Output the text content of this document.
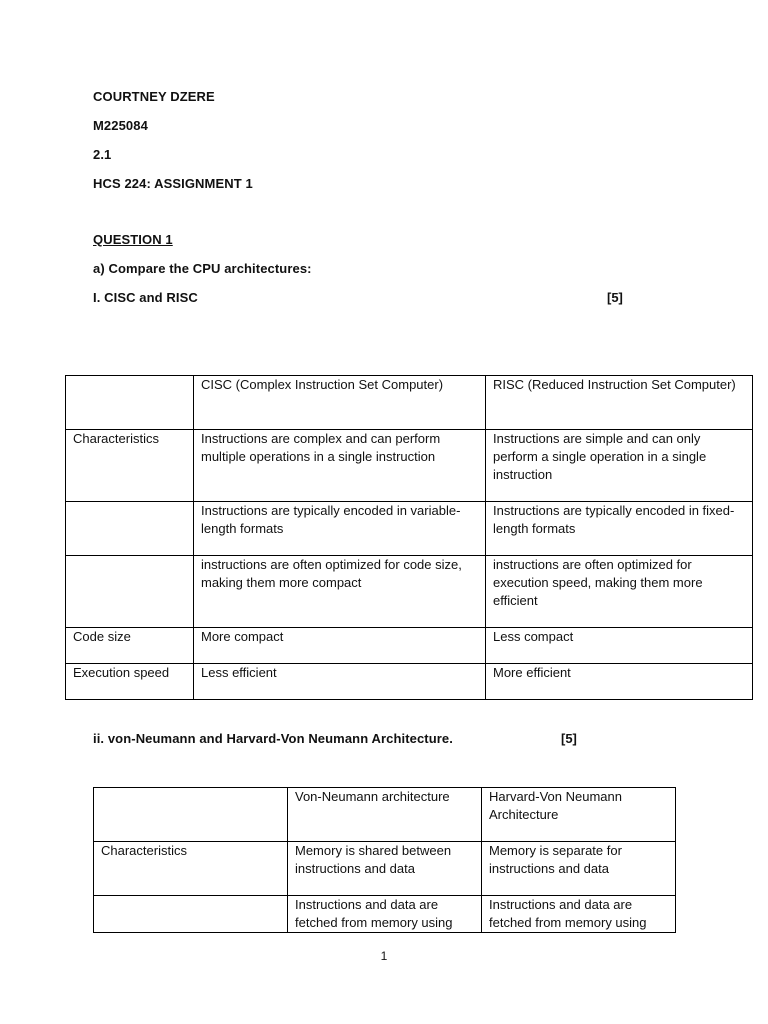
COURTNEY DZERE
M225084
2.1
HCS 224: ASSIGNMENT 1
QUESTION 1
a) Compare the CPU architectures:
I. CISC and RISC	[5]

	CISC (Complex Instruction Set Computer)	RISC (Reduced Instruction Set Computer)

Characteristics	Instructions are complex and can perform multiple operations in a single instruction	Instructions are simple and can only perform a single operation in a single instruction

	Instructions are typically encoded in variable-length formats	Instructions are typically encoded in fixed-length formats

	instructions are often optimized for code size, making them more compact	instructions are often optimized for execution speed, making them more efficient

Code size	More compact	Less compact

Execution speed	Less efficient	More efficient
ii. von-Neumann and Harvard-Von Neumann Architecture.	[5]

	Von-Neumann architecture	Harvard-Von Neumann Architecture

Characteristics	Memory is shared between instructions and data	Memory is separate for instructions and data

	Instructions and data are fetched from memory using	Instructions and data are fetched from memory using
1
